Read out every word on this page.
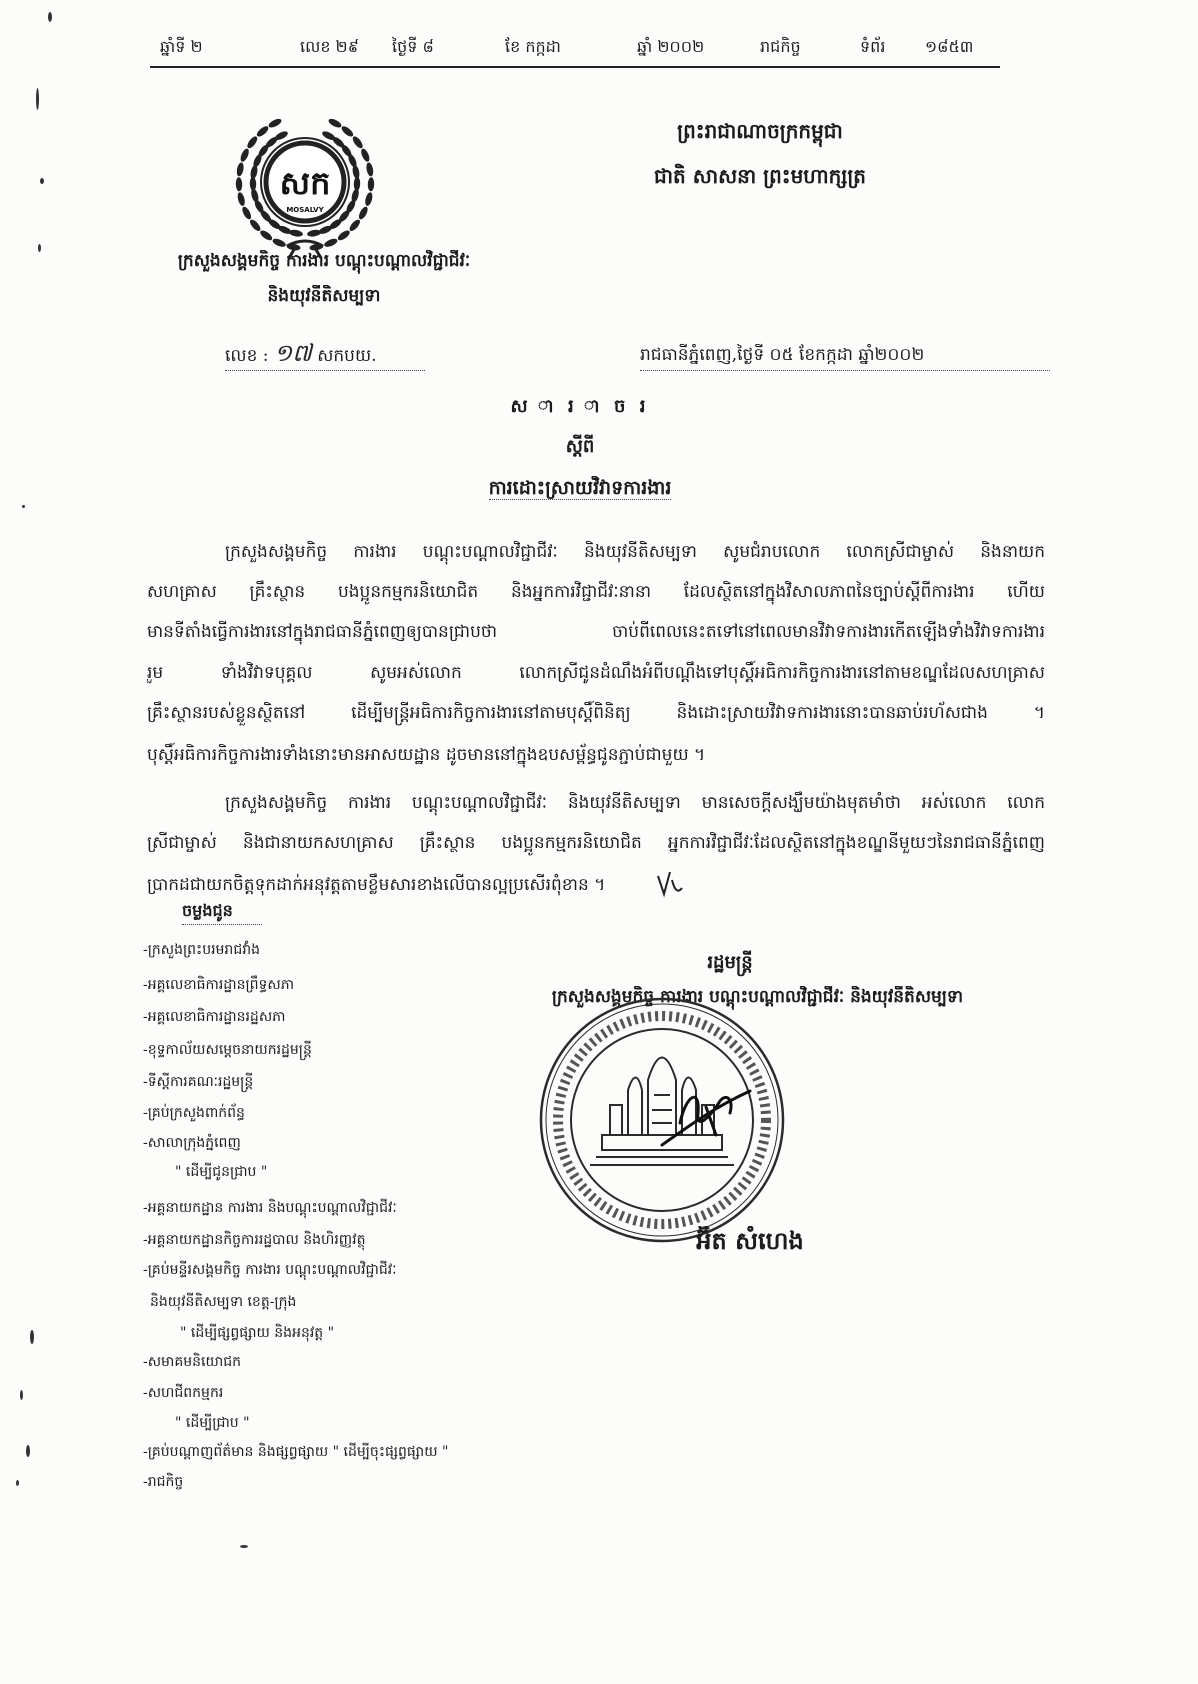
ឆ្នាំទី ២	លេខ ២៩	ថ្ងៃទី ៨	ខែ កក្កដា	ឆ្នាំ ២០០២	រាជកិច្ច	ទំព័រ	១៨៥៣
សក
MOSALVY
ព្រះរាជាណាចក្រកម្ពុជា
ជាតិ សាសនា ព្រះមហាក្សត្រ
ក្រសួងសង្គមកិច្ច ការងារ បណ្តុះបណ្តាលវិជ្ជាជីវៈ
និងយុវនីតិសម្បទា
លេខ : ១៧ សកបយ.	រាជធានីភ្នំពេញ,ថ្ងៃទី ០៥ ខែកក្កដា ឆ្នាំ២០០២
ស ា រ ា ច រ
ស្តីពី
ការដោះស្រាយវិវាទការងារ
ក្រសួងសង្គមកិច្ច ការងារ បណ្តុះបណ្តាលវិជ្ជាជីវៈ និងយុវនីតិសម្បទា សូមជំរាបលោក លោកស្រីជាម្ចាស់ និងនាយក
សហគ្រាស គ្រឹះស្ថាន បងប្អូនកម្មករនិយោជិត និងអ្នកការវិជ្ជាជីវៈនានា ដែលស្ថិតនៅក្នុងវិសាលភាពនៃច្បាប់ស្តីពីការងារ ហើយ
មានទីតាំងធ្វើការងារនៅក្នុងរាជធានីភ្នំពេញឲ្យបានជ្រាបថា ចាប់ពីពេលនេះតទៅនៅពេលមានវិវាទការងារកើតឡើងទាំងវិវាទការងារ
រួម ទាំងវិវាទបុគ្គល សូមអស់លោក លោកស្រីជូនដំណឹងអំពីបណ្តឹងទៅបុស្តិ៍អធិការកិច្ចការងារនៅតាមខណ្ឌដែលសហគ្រាស
គ្រឹះស្ថានរបស់ខ្លួនស្ថិតនៅ ដើម្បីមន្ត្រីអធិការកិច្ចការងារនៅតាមបុស្តិ៍ពិនិត្យ និងដោះស្រាយវិវាទការងារនោះបានឆាប់រហ័សជាង ។
បុស្តិ៍អធិការកិច្ចការងារទាំងនោះមានអាសយដ្ឋាន ដូចមាននៅក្នុងឧបសម្ព័ន្ធជូនភ្ជាប់ជាមួយ ។
ក្រសួងសង្គមកិច្ច ការងារ បណ្តុះបណ្តាលវិជ្ជាជីវៈ និងយុវនីតិសម្បទា មានសេចក្តីសង្ឃឹមយ៉ាងមុតមាំថា អស់លោក លោក
ស្រីជាម្ចាស់ និងជានាយកសហគ្រាស គ្រឹះស្ថាន បងប្អូនកម្មករនិយោជិត អ្នកការវិជ្ជាជីវៈដែលស្ថិតនៅក្នុងខណ្ឌនីមួយៗនៃរាជធានីភ្នំពេញ
ប្រាកដជាយកចិត្តទុកដាក់អនុវត្តតាមខ្លឹមសារខាងលើបានល្អប្រសើរពុំខាន ។
ចម្លងជូន
-ក្រសួងព្រះបរមរាជវាំង
-អគ្គលេខាធិការដ្ឋានព្រឹទ្ធសភា
-អគ្គលេខាធិការដ្ឋានរដ្ឋសភា
-ខុទ្ទកាល័យសម្តេចនាយករដ្ឋមន្ត្រី
-ទីស្តីការគណៈរដ្ឋមន្ត្រី
-គ្រប់ក្រសួងពាក់ព័ន្ធ
-សាលាក្រុងភ្នំពេញ
" ដើម្បីជូនជ្រាប "
-អគ្គនាយកដ្ឋាន ការងារ និងបណ្តុះបណ្តាលវិជ្ជាជីវៈ
-អគ្គនាយកដ្ឋានកិច្ចការរដ្ឋបាល និងហិរញ្ញវត្ថុ
-គ្រប់មន្ទីរសង្គមកិច្ច ការងារ បណ្តុះបណ្តាលវិជ្ជាជីវៈ
និងយុវនីតិសម្បទា ខេត្ត-ក្រុង
" ដើម្បីផ្សព្វផ្សាយ និងអនុវត្ត "
-សមាគមនិយោជក
-សហជីពកម្មករ
" ដើម្បីជ្រាប "
-គ្រប់បណ្តាញព័ត៌មាន និងផ្សព្វផ្សាយ " ដើម្បីចុះផ្សព្វផ្សាយ "
-រាជកិច្ច
រដ្ឋមន្ត្រី
ក្រសួងសង្គមកិច្ច ការងារ បណ្តុះបណ្តាលវិជ្ជាជីវៈ និងយុវនីតិសម្បទា
អ៊ិត សំហេង
